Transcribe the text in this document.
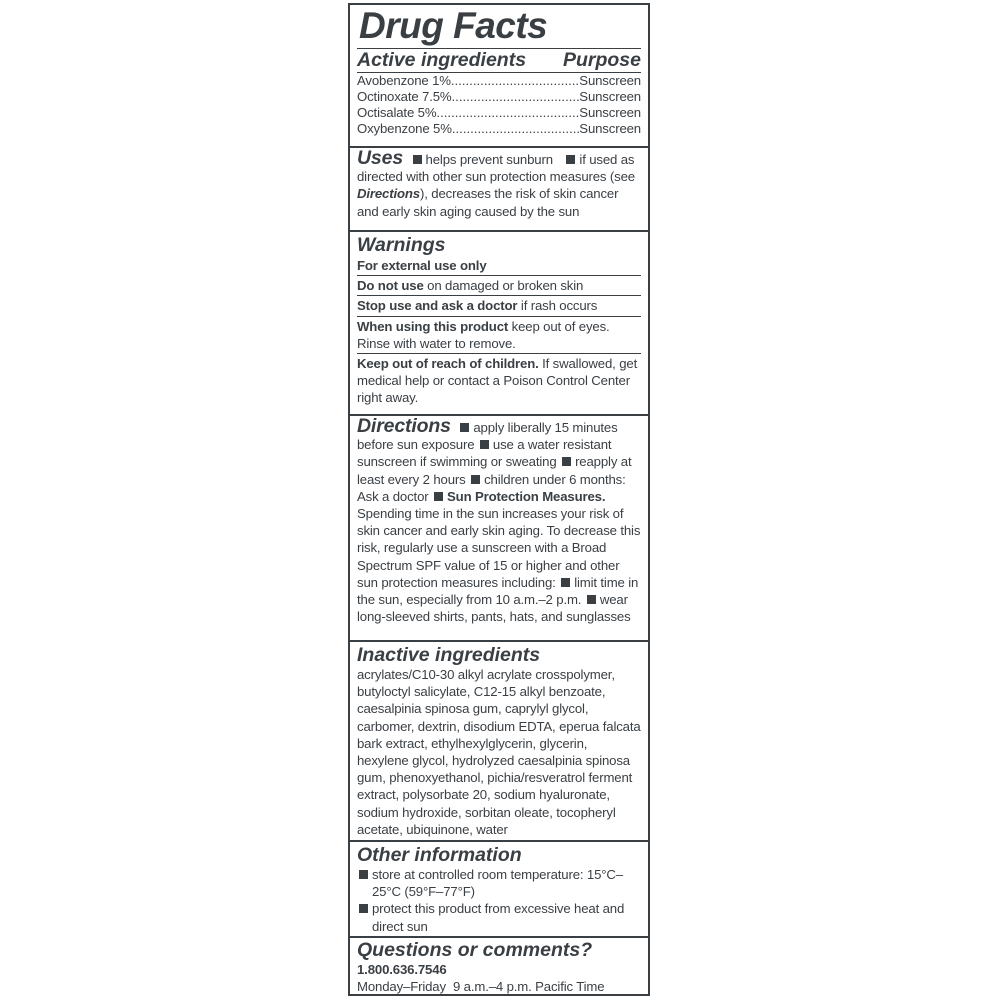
Drug Facts
Active ingredients Purpose
Avobenzone 1% .....	Sunscreen
Octinoxate 7.5% .....	Sunscreen
Octisalate 5% .....	Sunscreen
Oxybenzone 5% .....	Sunscreen
Uses helps prevent sunburn if used as directed with other sun protection measures (see Directions), decreases the risk of skin cancer and early skin aging caused by the sun
Warnings
For external use only
Do not use on damaged or broken skin
Stop use and ask a doctor if rash occurs
When using this product keep out of eyes. Rinse with water to remove.
Keep out of reach of children. If swallowed, get medical help or contact a Poison Control Center right away.
Directions apply liberally 15 minutes before sun exposure use a water resistant sunscreen if swimming or sweating reapply at least every 2 hours children under 6 months: Ask a doctor Sun Protection Measures. Spending time in the sun increases your risk of skin cancer and early skin aging. To decrease this risk, regularly use a sunscreen with a Broad Spectrum SPF value of 15 or higher and other sun protection measures including: limit time in the sun, especially from 10 a.m.–2 p.m. wear long-sleeved shirts, pants, hats, and sunglasses
Inactive ingredients
acrylates/C10-30 alkyl acrylate crosspolymer, butyloctyl salicylate, C12-15 alkyl benzoate, caesalpinia spinosa gum, caprylyl glycol, carbomer, dextrin, disodium EDTA, eperua falcata bark extract, ethylhexylglycerin, glycerin, hexylene glycol, hydrolyzed caesalpinia spinosa gum, phenoxyethanol, pichia/resveratrol ferment extract, polysorbate 20, sodium hyaluronate, sodium hydroxide, sorbitan oleate, tocopheryl acetate, ubiquinone, water
Other information
store at controlled room temperature: 15°C–25°C (59°F–77°F)
protect this product from excessive heat and direct sun
Questions or comments?
1.800.636.7546
Monday–Friday  9 a.m.–4 p.m. Pacific Time
